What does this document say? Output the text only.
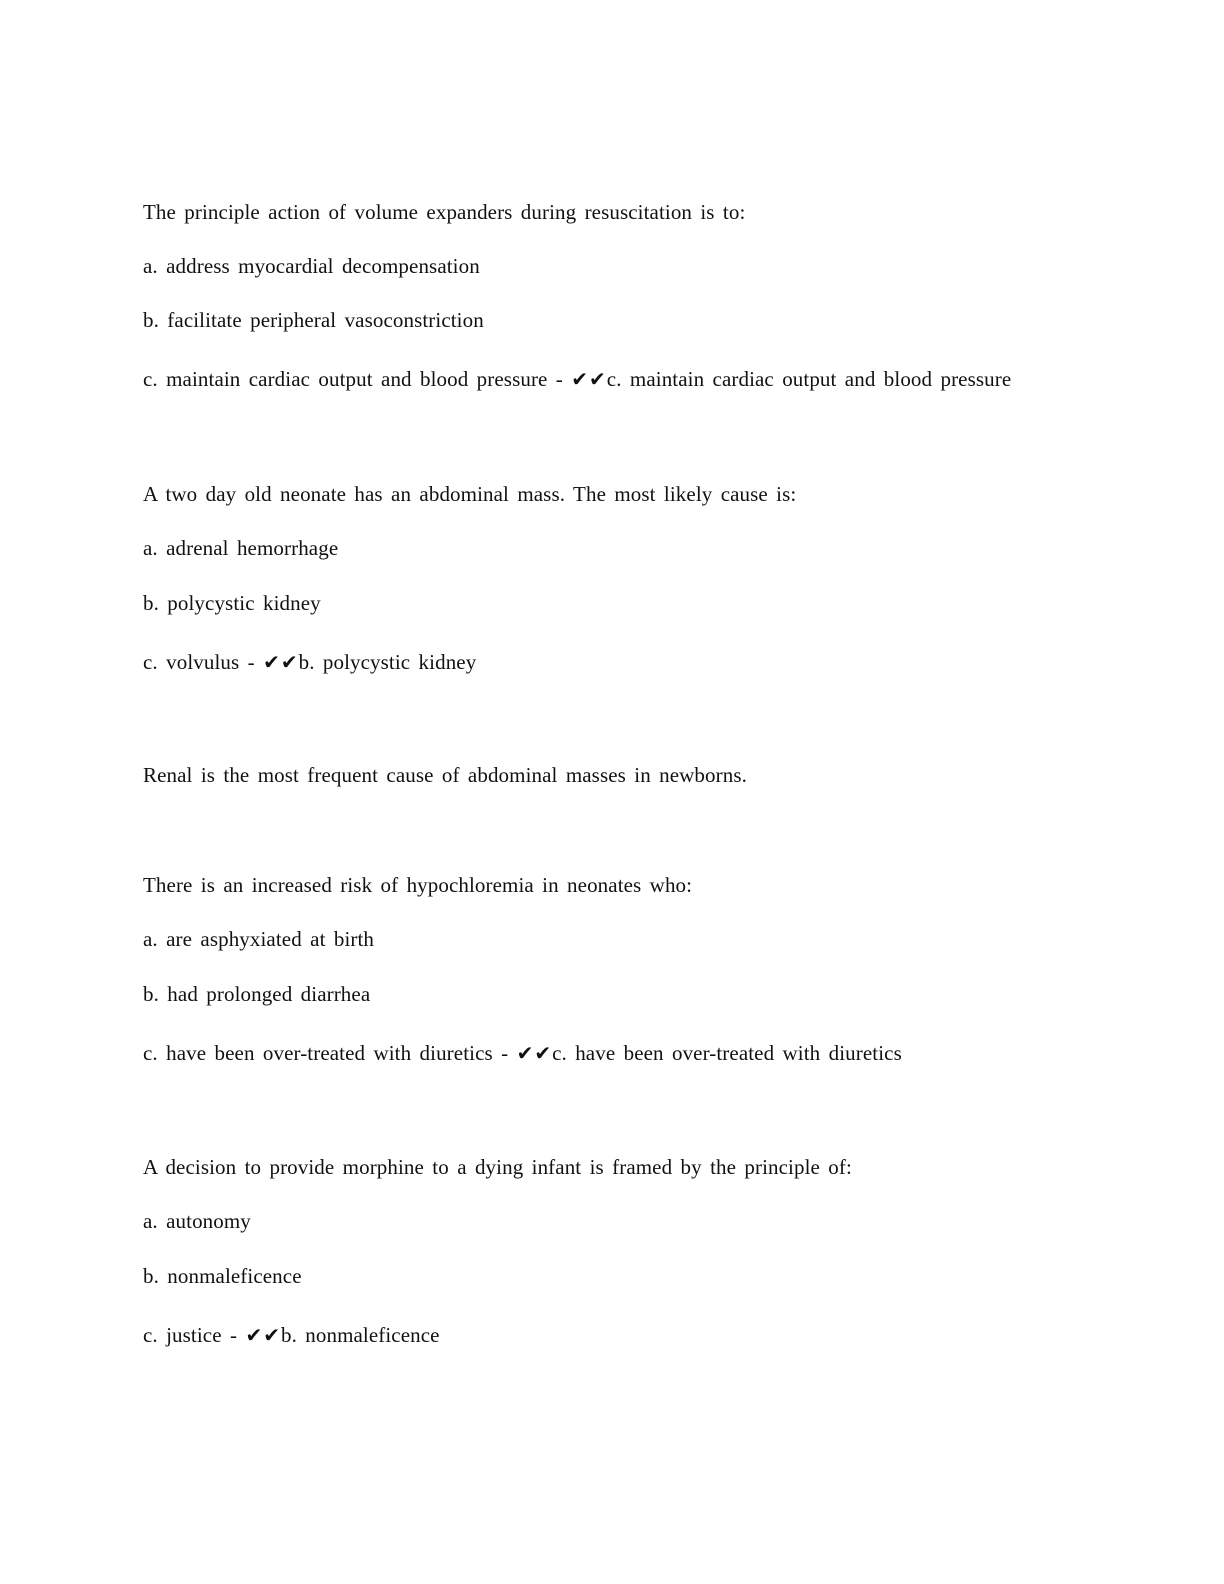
The principle action of volume expanders during resuscitation is to:
a. address myocardial decompensation
b. facilitate peripheral vasoconstriction
c. maintain cardiac output and blood pressure - ✔✔c. maintain cardiac output and blood pressure
A two day old neonate has an abdominal mass. The most likely cause is:
a. adrenal hemorrhage
b. polycystic kidney
c. volvulus - ✔✔b. polycystic kidney
Renal is the most frequent cause of abdominal masses in newborns.
There is an increased risk of hypochloremia in neonates who:
a. are asphyxiated at birth
b. had prolonged diarrhea
c. have been over-treated with diuretics - ✔✔c. have been over-treated with diuretics
A decision to provide morphine to a dying infant is framed by the principle of:
a. autonomy
b. nonmaleficence
c. justice - ✔✔b. nonmaleficence
